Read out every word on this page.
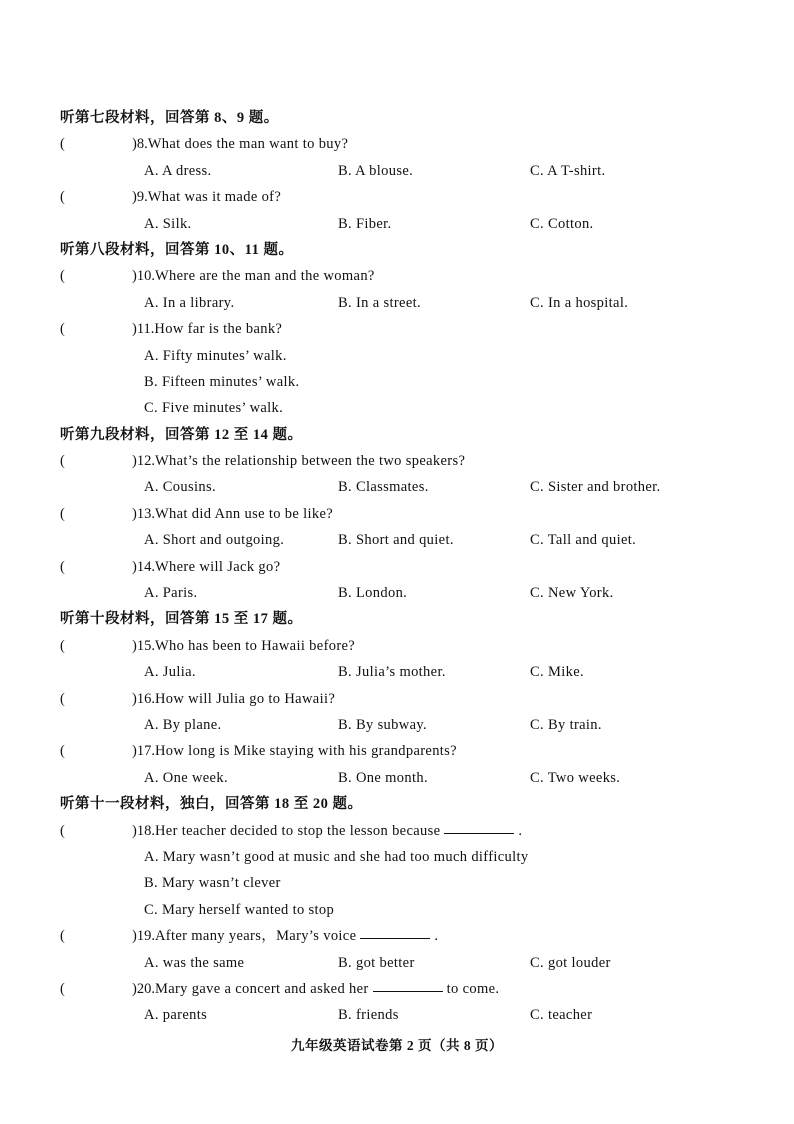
听第七段材料，回答第 8、9 题。
(	)8. What does the man want to buy?
A. A dress.	B. A blouse.	C. A T-shirt.
(	)9. What was it made of?
A. Silk.	B. Fiber.	C. Cotton.
听第八段材料，回答第 10、11 题。
(	)10. Where are the man and the woman?
A. In a library.	B. In a street.	C. In a hospital.
(	)11. How far is the bank?
A. Fifty minutes’ walk.
B. Fifteen minutes’ walk.
C. Five minutes’ walk.
听第九段材料，回答第 12 至 14 题。
(	)12. What’s the relationship between the two speakers?
A. Cousins.	B. Classmates.	C. Sister and brother.
(	)13. What did Ann use to be like?
A. Short and outgoing.	B. Short and quiet.	C. Tall and quiet.
(	)14. Where will Jack go?
A. Paris.	B. London.	C. New York.
听第十段材料，回答第 15 至 17 题。
(	)15. Who has been to Hawaii before?
A. Julia.	B. Julia’s mother.	C. Mike.
(	)16. How will Julia go to Hawaii?
A. By plane.	B. By subway.	C. By train.
(	)17. How long is Mike staying with his grandparents?
A. One week.	B. One month.	C. Two weeks.
听第十一段材料，独白，回答第 18 至 20 题。
(	)18. Her teacher decided to stop the lesson because	.
A. Mary wasn’t good at music and she had too much difficulty
B. Mary wasn’t clever
C. Mary herself wanted to stop
(	)19. After many years，Mary’s voice	.
A. was the same	B. got better	C. got louder
(	)20. Mary gave a concert and asked her	to come.
A. parents	B. friends	C. teacher
九年级英语试卷第 2 页（共 8 页）
